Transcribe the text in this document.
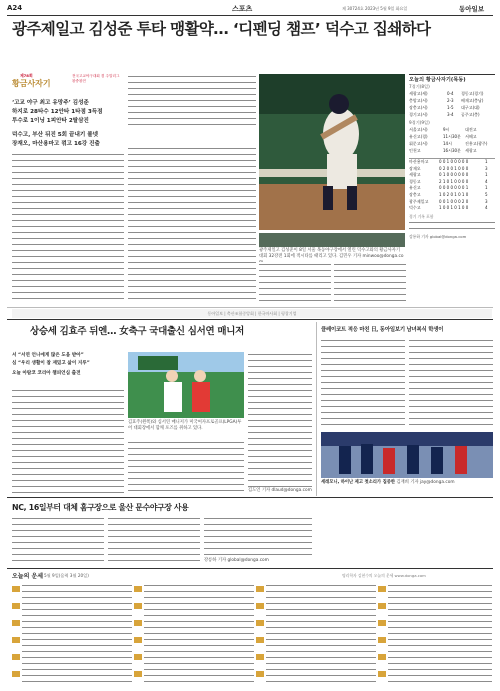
A24	스포츠	제 30724호 2023년 5월 9일 화요일	동아일보
광주제일고 김성준 투타 맹활약… ‘디펜딩 챔프’ 덕수고 집쇄하다
제78회
황금사자기
전국고교야구대회 겸 주말리그 왕중왕전
‘고교 야구 최고 유망주’ 김성준
하지로 28타수 12안타 1타점 3득점
투수로 1이닝 1피안타 2탈삼진
덕수고, 부산 뒤진 5회 끝내기 볼넷
장재오, 마산용마고 꺾고 16강 진출
광주제일고 김성준이 8일 서울 목동야구장에서 열린 덕수고와의 황금사자기 대회 32강전 1회에 적시타를 때리고 있다. 김민우 기자 minwoo@donga.co
오늘의 황금사자기(목동)
7경기(8일)
세광고(세)	0-4	경동고(경기)
충암고(서)	2-3	배재고(충남)
장충고(서)	1-5	대구고(대)
경기고(서)	3-4	공주고(충)
9경기(9일)
서울고(서)	9시	대전고
유신고(경)	11시30분	서해고
휘문고(서)	14시	진흥고(광주)
인천고	16시30분	세광고
마산용마고	0 0 1 0 0 0 0 0	1
장재오	0 2 0 0 1 0 0 0	3
세광고	0 1 0 0 0 0 0 0	1
경동고	2 1 0 1 0 0 0 0	4
유신고	0 0 0 0 0 0 0 1	1
장충고	1 0 2 0 1 0 1 0	5
광주제일고	0 0 1 0 0 0 2 0	3
덕수고	1 0 0 1 0 1 0 0	4
경기 기록 포함
강릉하 기자 global@donga.com
동아일보 | 축산조합중앙회 | 한국마사회 | 평창기업
상승세 김효주 뒤엔… 女축구 국대출신 심서연 매니저
서 “서연 언니에게 많은 도움 받아”
심 “우리 생활이 참 재밌고 삶이 지루”
오늘 아람코 코리아 챔피언십 출전
김효주(왼쪽)와 심서연 매니저가 미국여자프로골프(LPGA)투어 대회장에서 함께 포즈를 취하고 있다.
김도언 기자 dlaud@donga.com
클레이코트 적응 마친 日, 동아일보기 남녀복식 학생이
세레모니, 하이난 제고 첫소리가 집중한 김재희 기자 jay@donga.com
NC, 16일부터 대체 홈구장으로 울산 문수야구장 사용
강릉하 기자 global@donga.com
오늘의 운세 5월 9일(음력 3월 20일)	명리학자 김현수의 오늘의 운세 www.donga.com
